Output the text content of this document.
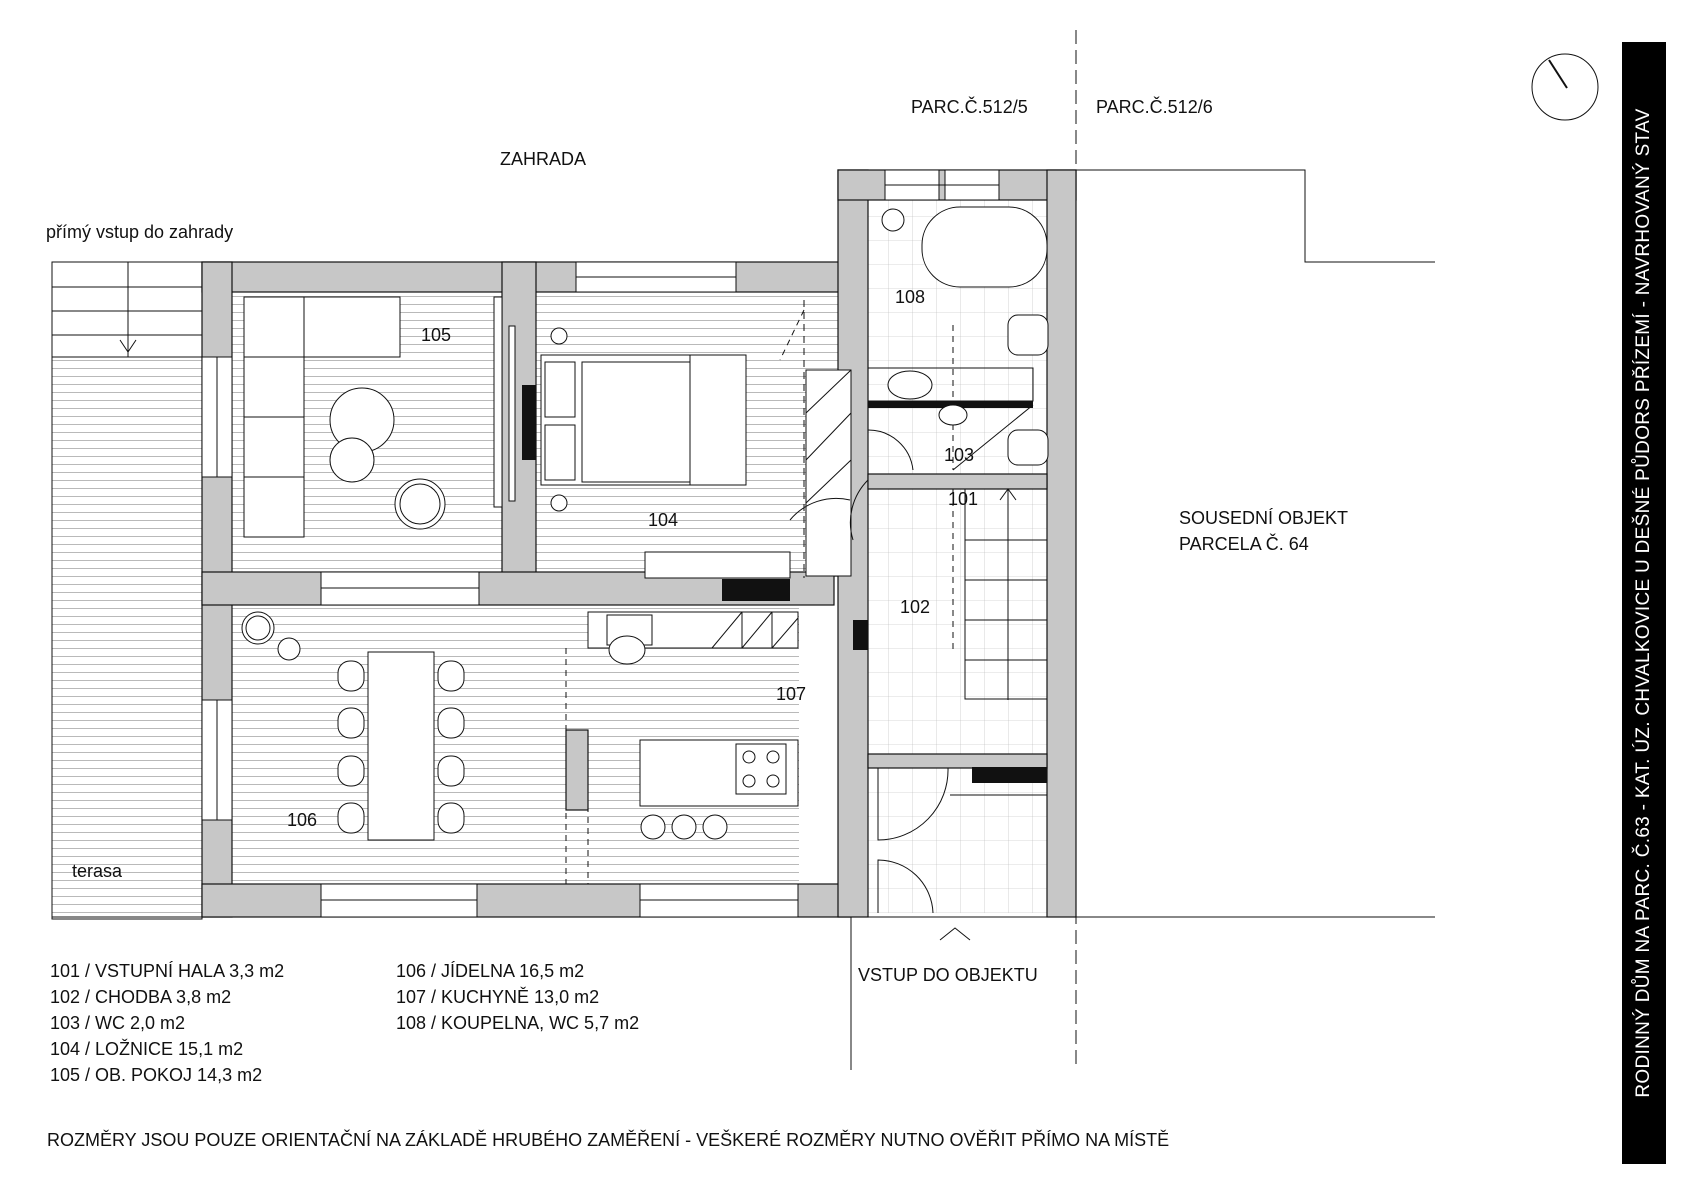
ZAHRADA
přímý vstup do zahrady
PARC.Č.512/5	PARC.Č.512/6
SOUSEDNÍ OBJEKT
PARCELA Č. 64
terasa
VSTUP DO OBJEKTU
101
102
103
104
105
106
107
108
101 / VSTUPNÍ HALA 3,3 m2
102 / CHODBA 3,8 m2
103 / WC 2,0 m2
104 / LOŽNICE 15,1 m2
105 / OB. POKOJ 14,3 m2
106 / JÍDELNA 16,5 m2
107 / KUCHYNĚ 13,0 m2
108 / KOUPELNA, WC 5,7 m2
ROZMĚRY JSOU POUZE ORIENTAČNÍ NA ZÁKLADĚ HRUBÉHO ZAMĚŘENÍ - VEŠKERÉ ROZMĚRY NUTNO OVĚŘIT PŘÍMO NA MÍSTĚ
RODINNÝ DŮM NA PARC. Č.63 - KAT. ÚZ. CHVALKOVICE U DEŠNÉ PŮDORS PŘÍZEMÍ - NAVRHOVANÝ STAV
